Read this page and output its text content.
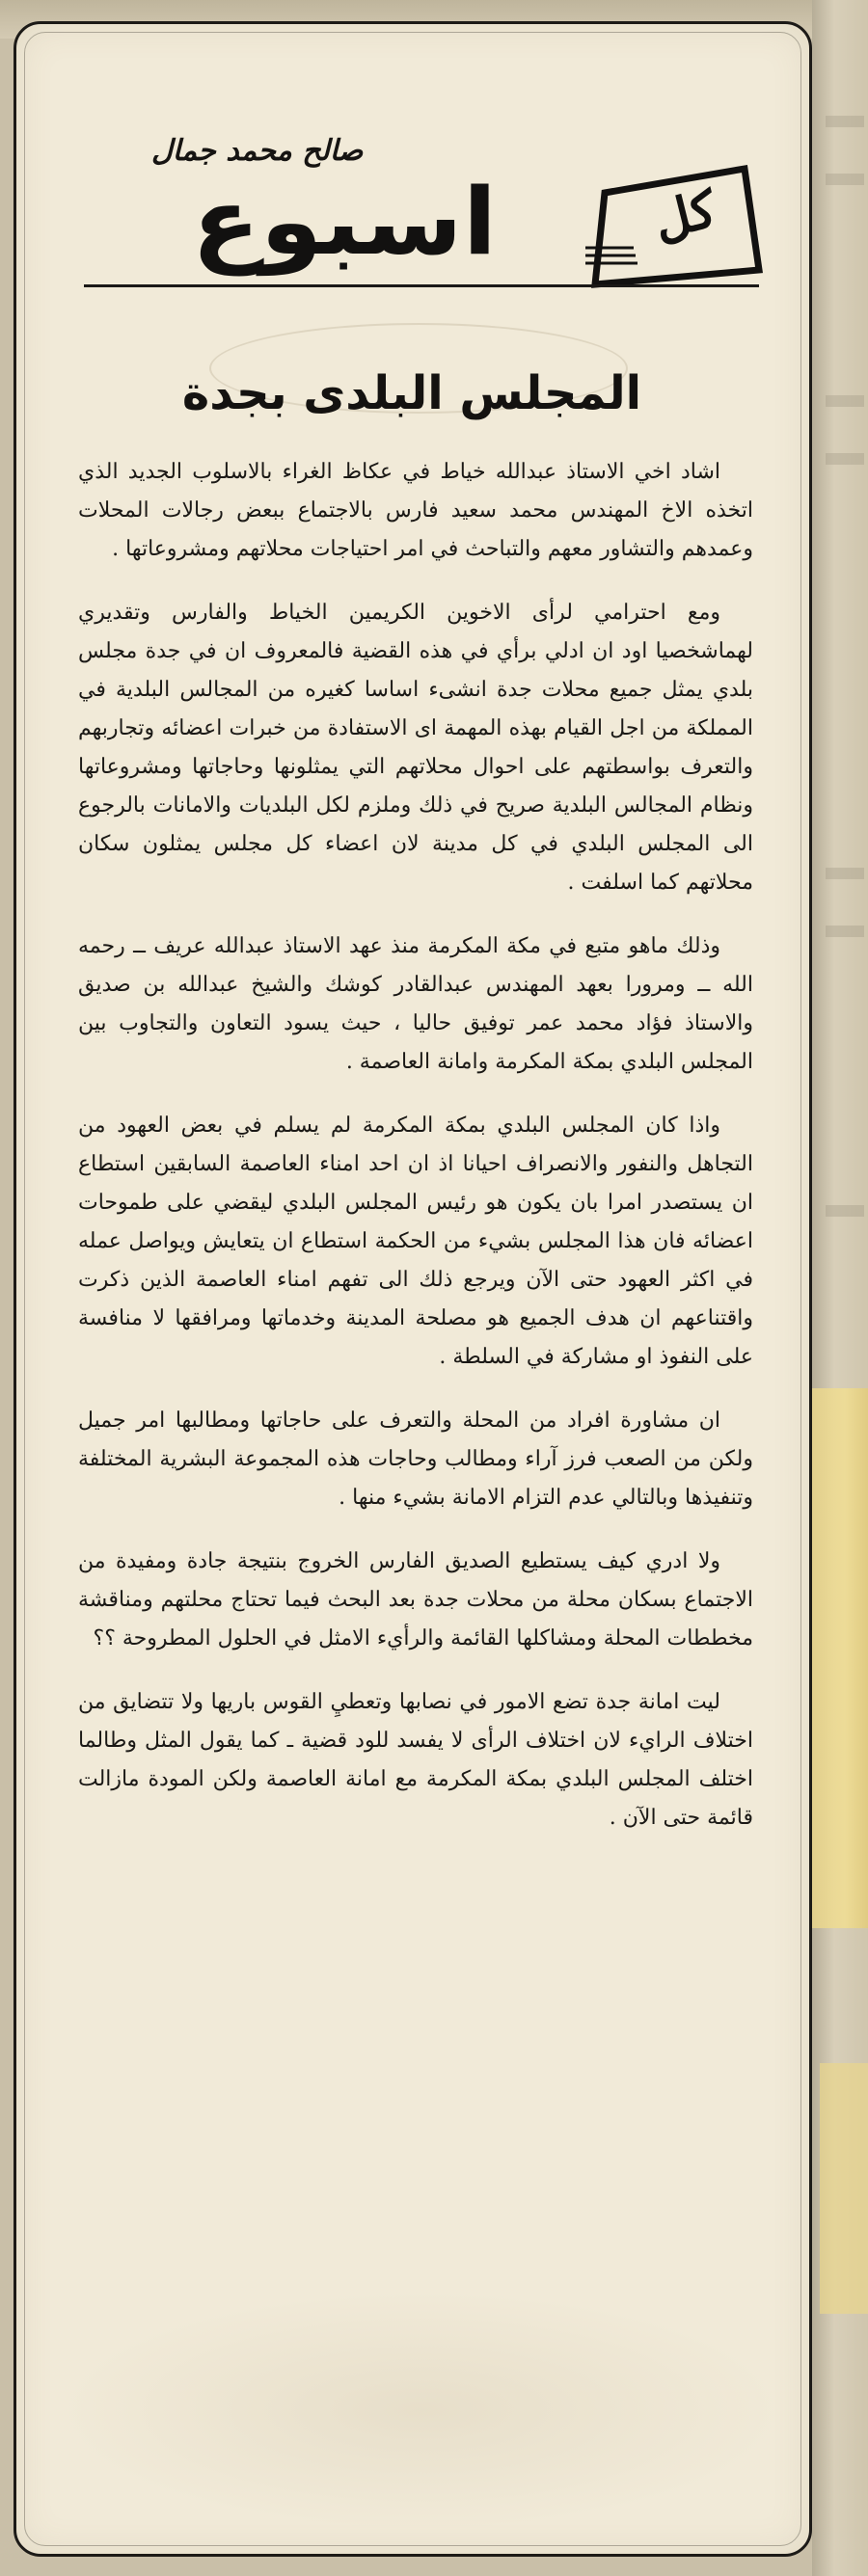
صالح محمد جمال
اسبوع	كل
المجلس البلدى بجدة

اشاد اخي الاستاذ عبدالله خياط في عكاظ الغراء بالاسلوب الجديد الذي اتخذه الاخ المهندس محمد سعيد فارس بالاجتماع ببعض رجالات المحلات وعمدهم والتشاور معهم والتباحث في امر احتياجات محلاتهم ومشروعاتها .

ومع احترامي لرأى الاخوين الكريمين الخياط والفارس وتقديري لهماشخصيا اود ان ادلي برأي في هذه القضية فالمعروف ان في جدة مجلس بلدي يمثل جميع محلات جدة انشىء اساسا كغيره من المجالس البلدية في المملكة من اجل القيام بهذه المهمة اى الاستفادة من خبرات اعضائه وتجاربهم والتعرف بواسطتهم على احوال محلاتهم التي يمثلونها وحاجاتها ومشروعاتها ونظام المجالس البلدية صريح في ذلك وملزم لكل البلديات والامانات بالرجوع الى المجلس البلدي في كل مدينة لان اعضاء كل مجلس يمثلون سكان محلاتهم كما اسلفت .

وذلك ماهو متبع في مكة المكرمة منذ عهد الاستاذ عبدالله عريف ــ رحمه الله ــ ومرورا بعهد المهندس عبدالقادر كوشك والشيخ عبدالله بن صديق والاستاذ فؤاد محمد عمر توفيق حاليا ، حيث يسود التعاون والتجاوب بين المجلس البلدي بمكة المكرمة وامانة العاصمة .

واذا كان المجلس البلدي بمكة المكرمة لم يسلم في بعض العهود من التجاهل والنفور والانصراف احيانا اذ ان احد امناء العاصمة السابقين استطاع ان يستصدر امرا بان يكون هو رئيس المجلس البلدي ليقضي على طموحات اعضائه فان هذا المجلس بشيء من الحكمة استطاع ان يتعايش ويواصل عمله في اكثر العهود حتى الآن ويرجع ذلك الى تفهم امناء العاصمة الذين ذكرت واقتناعهم ان هدف الجميع هو مصلحة المدينة وخدماتها ومرافقها لا منافسة على النفوذ او مشاركة في السلطة .

ان مشاورة افراد من المحلة والتعرف على حاجاتها ومطالبها امر جميل ولكن من الصعب فرز آراء ومطالب وحاجات هذه المجموعة البشرية المختلفة وتنفيذها وبالتالي عدم التزام الامانة بشيء منها .

ولا ادري كيف يستطيع الصديق الفارس الخروج بنتيجة جادة ومفيدة من الاجتماع بسكان محلة من محلات جدة بعد البحث فيما تحتاج محلتهم ومناقشة مخططات المحلة ومشاكلها القائمة والرأيء الامثل في الحلول المطروحة ؟؟

ليت امانة جدة تضع الامور في نصابها وتعطيِ القوس باريها ولا تتضايق من اختلاف الرايء لان اختلاف الرأى لا يفسد للود قضية ـ كما يقول المثل وطالما اختلف المجلس البلدي بمكة المكرمة مع امانة العاصمة ولكن المودة مازالت قائمة حتى الآن .
